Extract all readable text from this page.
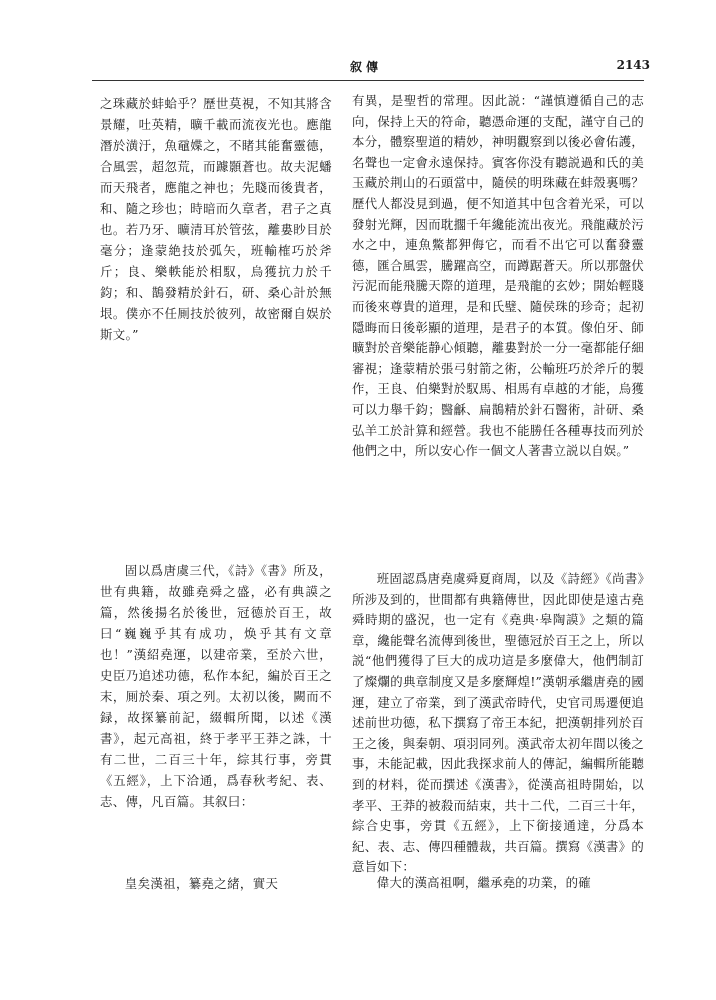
叙傳	2143

之珠藏於蚌蛤乎？歷世莫視，不知其將含景耀，吐英精，曠千載而流夜光也。應龍潛於潢汙，魚黿媟之，不睹其能奮靈德，合風雲，超忽荒，而躆顥蒼也。故夫泥蟠而天飛者，應龍之神也；先賤而後貴者，和、隨之珍也；時暗而久章者，君子之真也。若乃牙、曠清耳於管弦，離婁眇目於毫分；逢蒙絶技於弧矢，班輸榷巧於斧斤；良、樂軼能於相馭，烏獲抗力於千鈞；和、鵲發精於針石，研、桑心計於無垠。僕亦不任厠技於彼列，故密爾自娱於斯文。”

有異，是聖哲的常理。因此説：“謹慎遵循自己的志向，保持上天的符命，聽憑命運的支配，謹守自己的本分，體察聖道的精妙，神明觀察到以後必會佑護，名聲也一定會永遠保持。賓客你没有聽説過和氏的美玉藏於荆山的石頭當中，隨侯的明珠藏在蚌殼裏嗎？歷代人都没見到過，便不知道其中包含着光采，可以發射光輝，因而耽擱千年纔能流出夜光。飛龍藏於污水之中，連魚鱉都狎侮它，而看不出它可以奮發靈德，匯合風雲，騰躍高空，而蹲踞蒼天。所以那盤伏污泥而能飛騰天際的道理，是飛龍的玄妙；開始輕賤而後來尊貴的道理，是和氏璧、隨侯珠的珍奇；起初隱晦而日後彰顯的道理，是君子的本質。像伯牙、師曠對於音樂能静心傾聽，離婁對於一分一毫都能仔細審視；逢蒙精於張弓射箭之術，公輸班巧於斧斤的製作，王良、伯樂對於馭馬、相馬有卓越的才能，烏獲可以力舉千鈞；醫龢、扁鵲精於針石醫術，計研、桑弘羊工於計算和經營。我也不能勝任各種專技而列於他們之中，所以安心作一個文人著書立説以自娱。”

固以爲唐虞三代，《詩》《書》所及，世有典籍，故雖堯舜之盛，必有典謨之篇，然後揚名於後世，冠德於百王，故曰“巍巍乎其有成功，焕乎其有文章也！”漢紹堯運，以建帝業，至於六世，史臣乃追述功德，私作本紀，編於百王之末，厠於秦、項之列。太初以後，闕而不録，故探纂前記，綴輯所聞，以述《漢書》，起元高祖，終于孝平王莽之誅，十有二世，二百三十年，綜其行事，旁貫《五經》，上下洽通，爲春秋考紀、表、志、傳，凡百篇。其叙曰：

班固認爲唐堯虞舜夏商周，以及《詩經》《尚書》所涉及到的，世間都有典籍傳世，因此即使是遠古堯舜時期的盛況，也一定有《堯典·皋陶謨》之類的篇章，纔能聲名流傳到後世，聖德冠於百王之上，所以説“他們獲得了巨大的成功這是多麼偉大，他們制訂了燦爛的典章制度又是多麼輝煌!”漢朝承繼唐堯的國運，建立了帝業，到了漢武帝時代，史官司馬遷便追述前世功德，私下撰寫了帝王本紀，把漢朝排列於百王之後，與秦朝、項羽同列。漢武帝太初年間以後之事，未能記載，因此我探求前人的傳記，編輯所能聽到的材料，從而撰述《漢書》，從漢高祖時開始，以孝平、王莽的被殺而結束，共十二代，二百三十年，綜合史事，旁貫《五經》，上下銜接通達，分爲本紀、表、志、傳四種體裁，共百篇。撰寫《漢書》的意旨如下：

皇矣漢祖，纂堯之緒，實天	偉大的漢高祖啊，繼承堯的功業，的確
